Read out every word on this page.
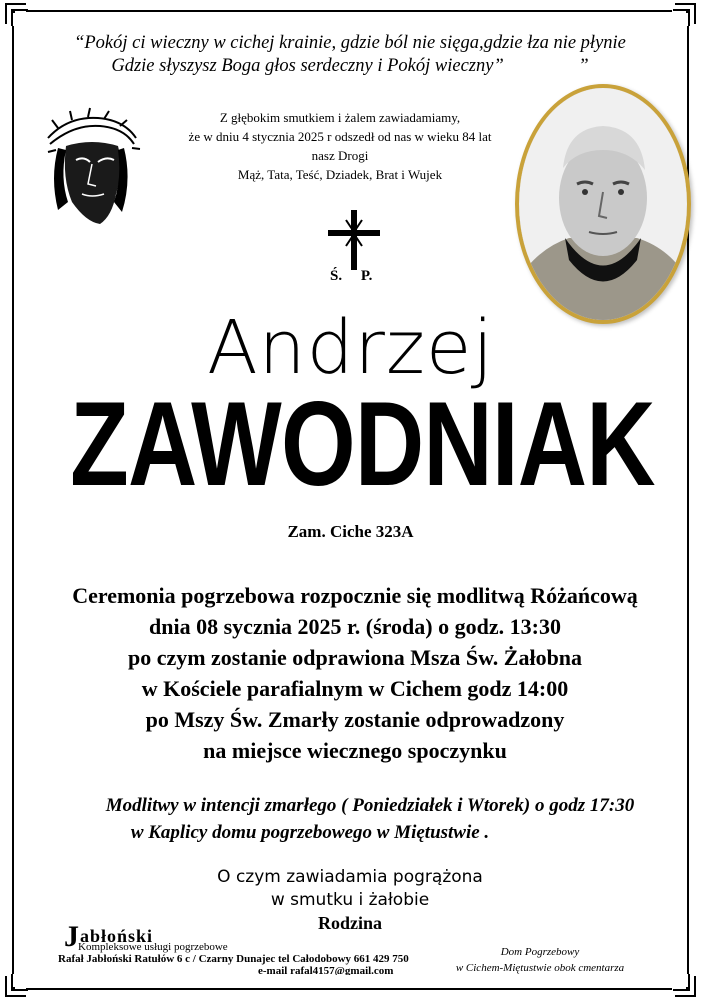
“Pokój ci wieczny w cichej krainie, gdzie ból nie sięga,gdzie łza nie płynie
Gdzie słyszysz Boga głos serdeczny i Pokój wieczny”	”
Z głębokim smutkiem i żalem zawiadamiamy,
że w dniu 4 stycznia 2025 r odszedł od nas w wieku 84 lat
nasz Drogi
Mąż, Tata, Teść, Dziadek, Brat i Wujek
Ś.     P.
Andrzej
ZAWODNIAK
Zam. Ciche 323A
Ceremonia pogrzebowa rozpocznie się modlitwą Różańcową
dnia 08 sycznia 2025 r. (środa) o godz. 13:30
po czym zostanie odprawiona Msza Św. Żałobna
w Kościele parafialnym w Cichem godz 14:00
po Mszy Św. Zmarły zostanie odprowadzony
na miejsce wiecznego spoczynku
Modlitwy w intencji zmarłego ( Poniedziałek i Wtorek) o godz 17:30
w Kaplicy domu pogrzebowego w Miętustwie .
O czym zawiadamia pogrążona
w smutku i żałobie
Rodzina
Jabłoński
Kompleksowe usługi pogrzebowe
Rafał Jabłoński Ratułów 6 c / Czarny Dunajec tel Całodobowy 661 429 750
e-mail rafal4157@gmail.com
Dom Pogrzebowy
w Cichem-Miętustwie obok cmentarza
